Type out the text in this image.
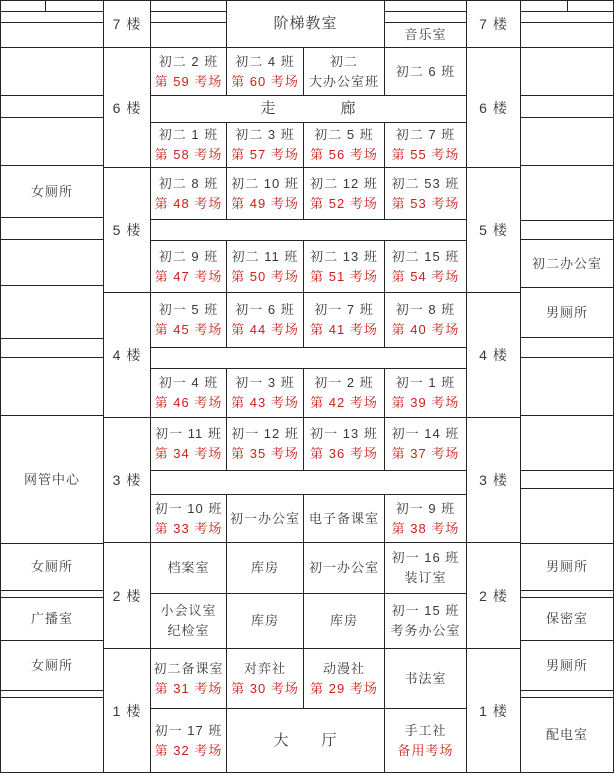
女厕所
网管中心
女厕所
广播室
女厕所
7 楼
6 楼
5 楼
4 楼
3 楼
2 楼
1 楼
阶梯教室
音乐室
初二 2 班
第 59 考场
初二 4 班
第 60 考场
初二
大办公室班
初二 6 班
走　　　　廊
初二 1 班
第 58 考场
初二 3 班
第 57 考场
初二 5 班
第 56 考场
初二 7 班
第 55 考场
初二 8 班
第 48 考场
初二 10 班
第 49 考场
初二 12 班
第 52 考场
初二 53 班
第 53 考场
初二 9 班
第 47 考场
初二 11 班
第 50 考场
初二 13 班
第 51 考场
初二 15 班
第 54 考场
初一 5 班
第 45 考场
初一 6 班
第 44 考场
初一 7 班
第 41 考场
初一 8 班
第 40 考场
初一 4 班
第 46 考场
初一 3 班
第 43 考场
初一 2 班
第 42 考场
初一 1 班
第 39 考场
初一 11 班
第 34 考场
初一 12 班
第 35 考场
初一 13 班
第 36 考场
初一 14 班
第 37 考场
初一 10 班
第 33 考场
初一办公室 电子备课室
初一 9 班
第 38 考场
档案室	库房 初一办公室
初一 16 班
装订室
小会议室
纪检室
库房	库房
初一 15 班
考务办公室
初二备课室
第 31 考场
对弈社
第 30 考场
动漫社
第 29 考场
书法室
初一 17 班
第 32 考场
大　　厅
手工社
备用考场
7 楼
6 楼
5 楼
4 楼
3 楼
2 楼
1 楼
初二办公室
男厕所
男厕所
保密室
男厕所
配电室
